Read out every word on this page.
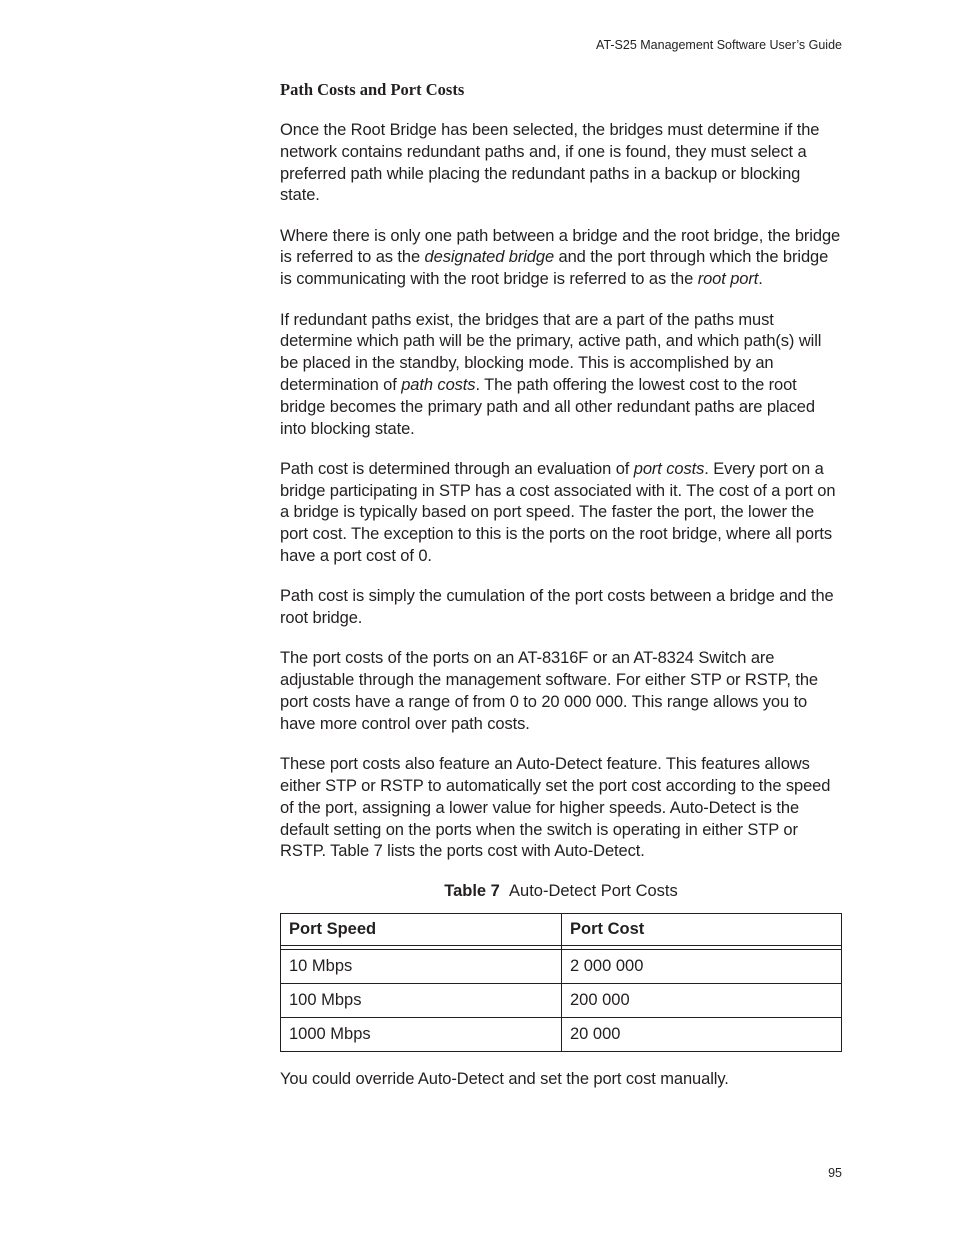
AT-S25 Management Software User’s Guide
Path Costs and Port Costs

Once the Root Bridge has been selected, the bridges must determine if the network contains redundant paths and, if one is found, they must select a preferred path while placing the redundant paths in a backup or blocking state.

Where there is only one path between a bridge and the root bridge, the bridge is referred to as the designated bridge and the port through which the bridge is communicating with the root bridge is referred to as the root port.

If redundant paths exist, the bridges that are a part of the paths must determine which path will be the primary, active path, and which path(s) will be placed in the standby, blocking mode. This is accomplished by an determination of path costs. The path offering the lowest cost to the root bridge becomes the primary path and all other redundant paths are placed into blocking state.

Path cost is determined through an evaluation of port costs. Every port on a bridge participating in STP has a cost associated with it. The cost of a port on a bridge is typically based on port speed. The faster the port, the lower the port cost. The exception to this is the ports on the root bridge, where all ports have a port cost of 0.

Path cost is simply the cumulation of the port costs between a bridge and the root bridge.

The port costs of the ports on an AT-8316F or an AT-8324 Switch are adjustable through the management software. For either STP or RSTP, the port costs have a range of from 0 to 20 000 000. This range allows you to have more control over path costs.

These port costs also feature an Auto-Detect feature. This features allows either STP or RSTP to automatically set the port cost according to the speed of the port, assigning a lower value for higher speeds. Auto-Detect is the default setting on the ports when the switch is operating in either STP or RSTP. Table 7 lists the ports cost with Auto-Detect.

Table 7 Auto-Detect Port Costs
Port Speed	Port Cost

10 Mbps	2 000 000
100 Mbps	200 000
1000 Mbps	20 000

You could override Auto-Detect and set the port cost manually.

95
